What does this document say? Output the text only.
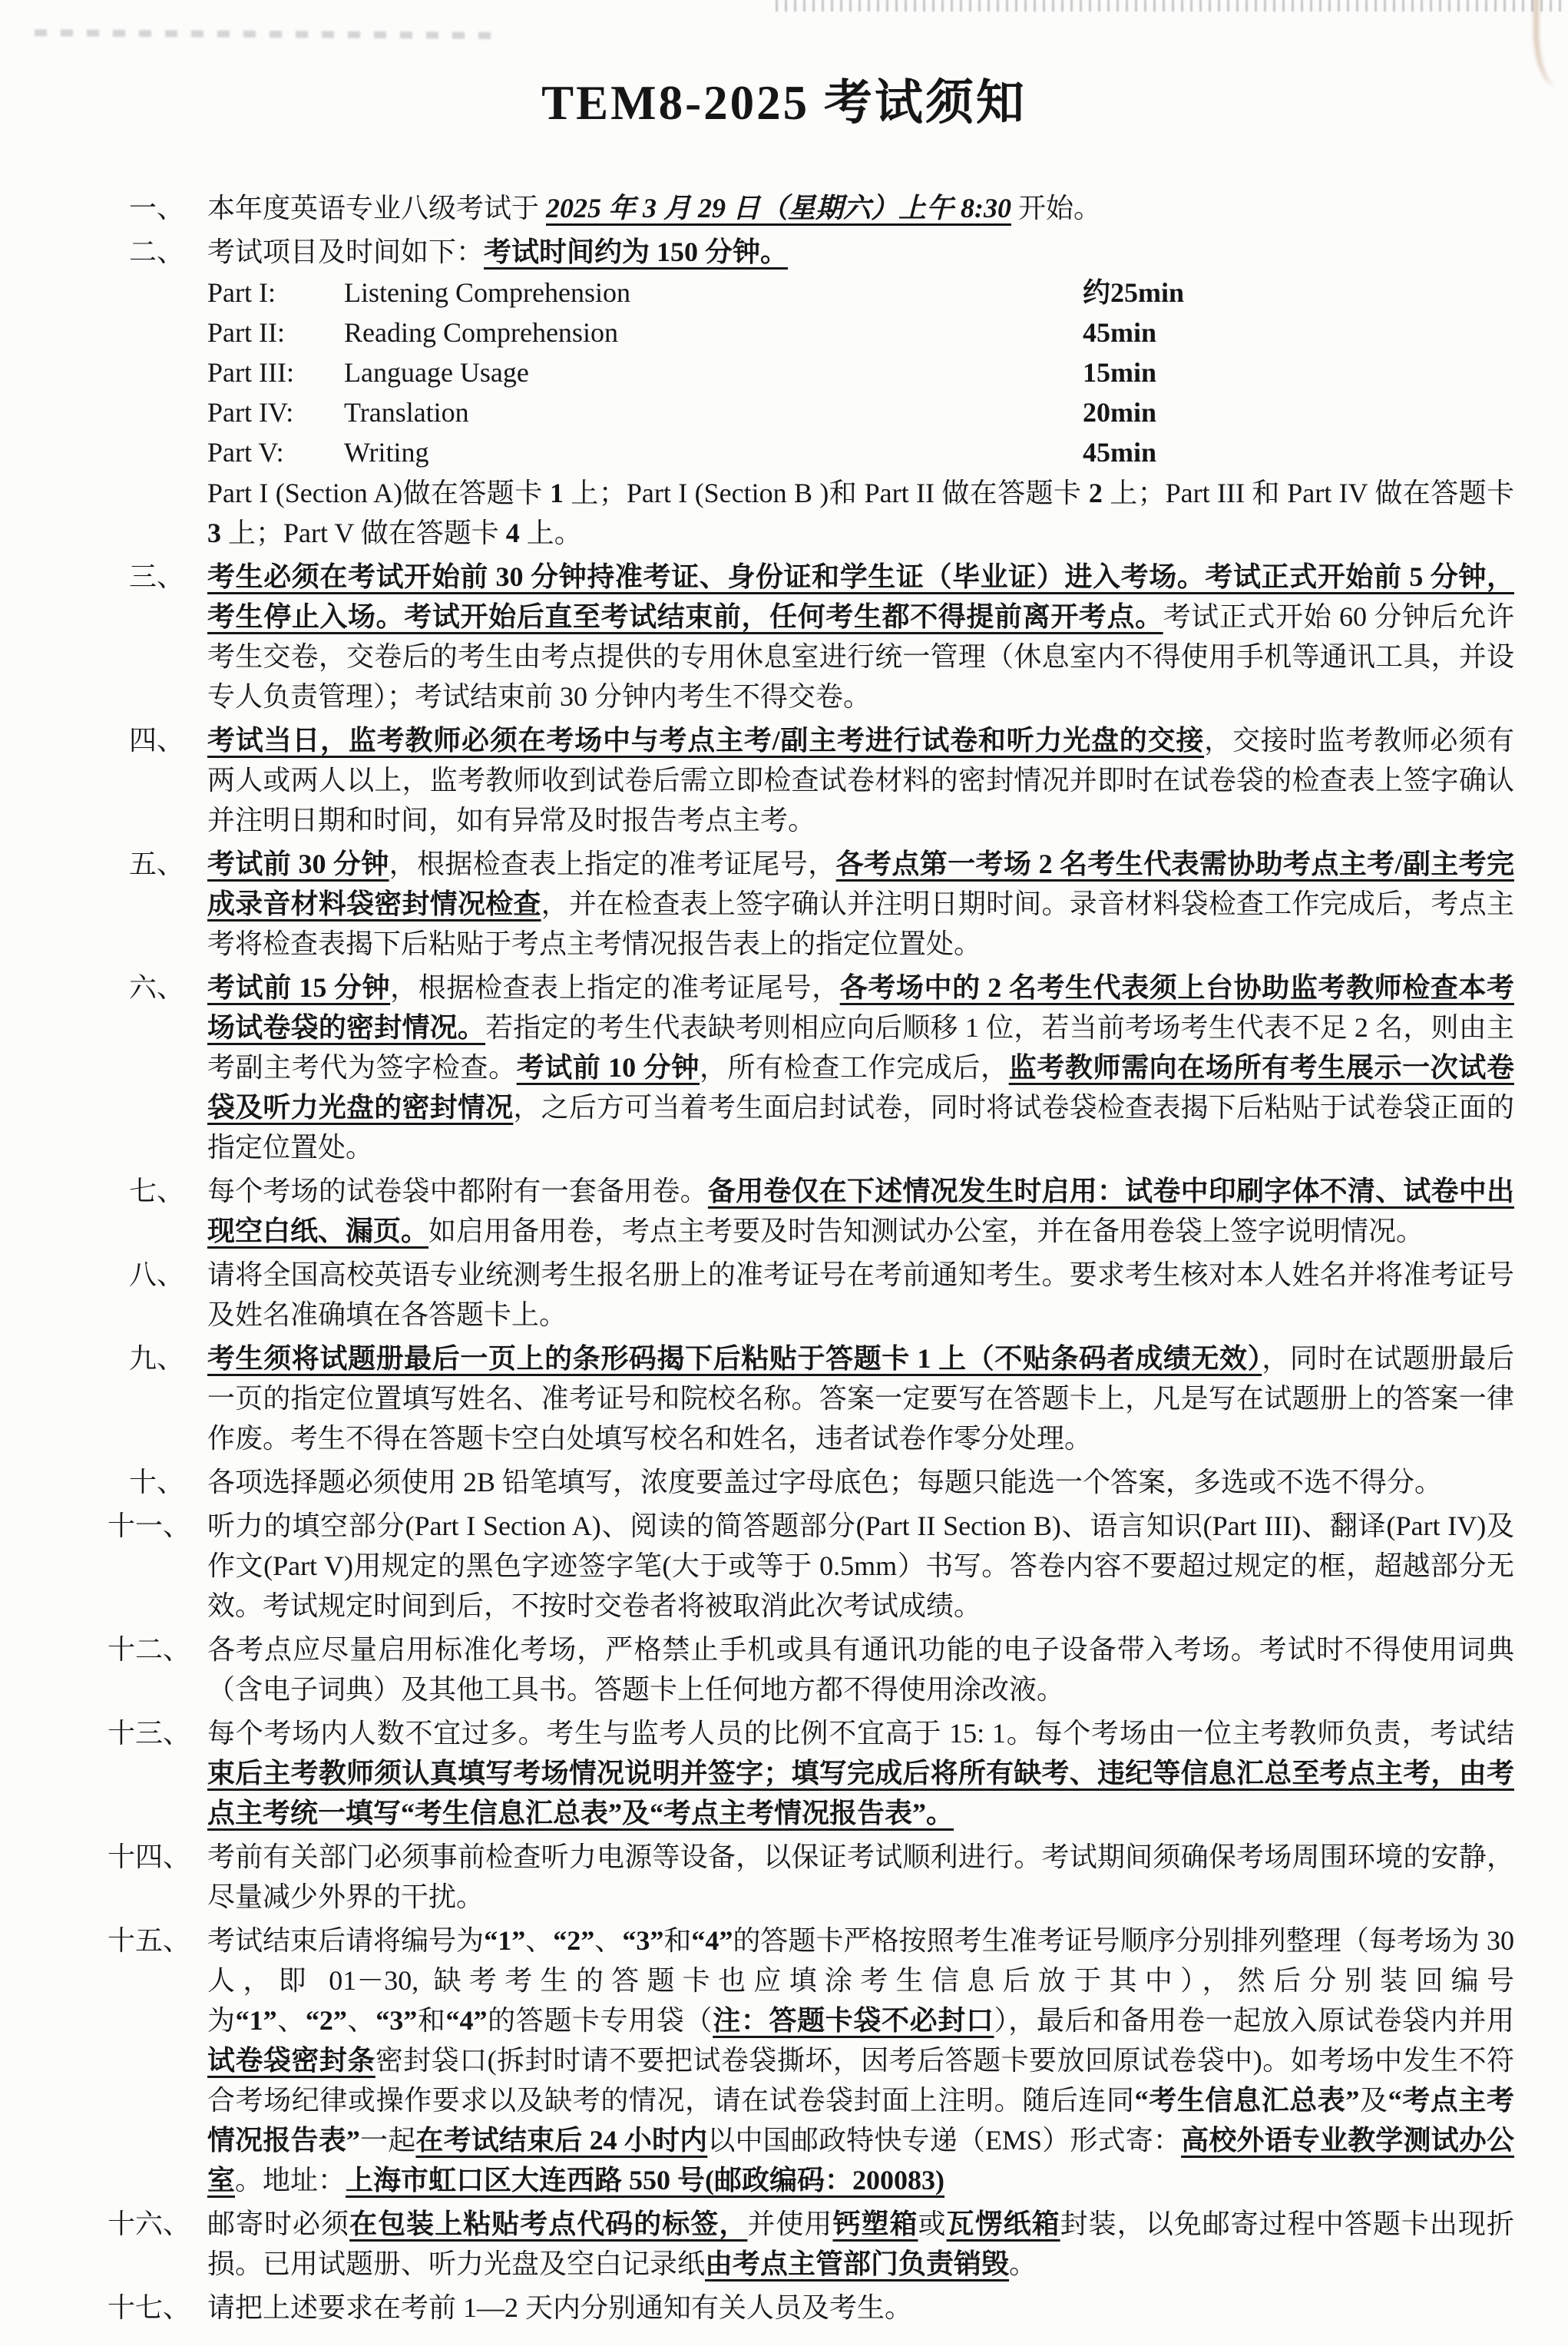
TEM8-2025 考试须知
一、 本年度英语专业八级考试于 2025 年 3 月 29 日（星期六）上午 8:30 开始。
二、 考试项目及时间如下：考试时间约为 150 分钟。
Part I:	Listening Comprehension	约25min
Part II:	Reading Comprehension	45min
Part III:	Language Usage	15min
Part IV:	Translation	20min
Part V:	Writing	45min
Part I (Section A)做在答题卡 1 上；Part I (Section B )和 Part II 做在答题卡 2 上；Part III 和 Part IV 做在答题卡 3 上；Part V 做在答题卡 4 上。
三、 考生必须在考试开始前 30 分钟持准考证、身份证和学生证（毕业证）进入考场。考试正式开始前 5 分钟，考生停止入场。考试开始后直至考试结束前，任何考生都不得提前离开考点。考试正式开始 60 分钟后允许考生交卷，交卷后的考生由考点提供的专用休息室进行统一管理（休息室内不得使用手机等通讯工具，并设专人负责管理）；考试结束前 30 分钟内考生不得交卷。
四、 考试当日，监考教师必须在考场中与考点主考/副主考进行试卷和听力光盘的交接，交接时监考教师必须有两人或两人以上，监考教师收到试卷后需立即检查试卷材料的密封情况并即时在试卷袋的检查表上签字确认并注明日期和时间，如有异常及时报告考点主考。
五、 考试前 30 分钟，根据检查表上指定的准考证尾号，各考点第一考场 2 名考生代表需协助考点主考/副主考完成录音材料袋密封情况检查，并在检查表上签字确认并注明日期时间。录音材料袋检查工作完成后，考点主考将检查表揭下后粘贴于考点主考情况报告表上的指定位置处。
六、 考试前 15 分钟，根据检查表上指定的准考证尾号，各考场中的 2 名考生代表须上台协助监考教师检查本考场试卷袋的密封情况。若指定的考生代表缺考则相应向后顺移 1 位，若当前考场考生代表不足 2 名，则由主考副主考代为签字检查。考试前 10 分钟，所有检查工作完成后，监考教师需向在场所有考生展示一次试卷袋及听力光盘的密封情况，之后方可当着考生面启封试卷，同时将试卷袋检查表揭下后粘贴于试卷袋正面的指定位置处。
七、 每个考场的试卷袋中都附有一套备用卷。备用卷仅在下述情况发生时启用：试卷中印刷字体不清、试卷中出现空白纸、漏页。如启用备用卷，考点主考要及时告知测试办公室，并在备用卷袋上签字说明情况。
八、 请将全国高校英语专业统测考生报名册上的准考证号在考前通知考生。要求考生核对本人姓名并将准考证号及姓名准确填在各答题卡上。
九、 考生须将试题册最后一页上的条形码揭下后粘贴于答题卡 1 上（不贴条码者成绩无效），同时在试题册最后一页的指定位置填写姓名、准考证号和院校名称。答案一定要写在答题卡上，凡是写在试题册上的答案一律作废。考生不得在答题卡空白处填写校名和姓名，违者试卷作零分处理。
十、 各项选择题必须使用 2B 铅笔填写，浓度要盖过字母底色；每题只能选一个答案，多选或不选不得分。
十一、 听力的填空部分(Part I Section A)、阅读的简答题部分(Part II Section B)、语言知识(Part III)、翻译(Part IV)及作文(Part V)用规定的黑色字迹签字笔(大于或等于 0.5mm）书写。答卷内容不要超过规定的框，超越部分无效。考试规定时间到后，不按时交卷者将被取消此次考试成绩。
十二、 各考点应尽量启用标准化考场，严格禁止手机或具有通讯功能的电子设备带入考场。考试时不得使用词典（含电子词典）及其他工具书。答题卡上任何地方都不得使用涂改液。
十三、 每个考场内人数不宜过多。考生与监考人员的比例不宜高于 15: 1。每个考场由一位主考教师负责，考试结束后主考教师须认真填写考场情况说明并签字；填写完成后将所有缺考、违纪等信息汇总至考点主考，由考点主考统一填写“考生信息汇总表”及“考点主考情况报告表”。
十四、 考前有关部门必须事前检查听力电源等设备，以保证考试顺利进行。考试期间须确保考场周围环境的安静，尽量减少外界的干扰。
十五、 考试结束后请将编号为“1”、“2”、“3”和“4”的答题卡严格按照考生准考证号顺序分别排列整理（每考场为 30 人，即 01－30, 缺考考生的答题卡也应填涂考生信息后放于其中），然后分别装回编号为“1”、“2”、“3”和“4”的答题卡专用袋（注：答题卡袋不必封口），最后和备用卷一起放入原试卷袋内并用试卷袋密封条密封袋口(拆封时请不要把试卷袋撕坏，因考后答题卡要放回原试卷袋中)。如考场中发生不符合考场纪律或操作要求以及缺考的情况，请在试卷袋封面上注明。随后连同“考生信息汇总表”及“考点主考情况报告表”一起在考试结束后 24 小时内以中国邮政特快专递（EMS）形式寄：高校外语专业教学测试办公室。地址：上海市虹口区大连西路 550 号(邮政编码：200083)
十六、 邮寄时必须在包装上粘贴考点代码的标签，并使用钙塑箱或瓦愣纸箱封装，以免邮寄过程中答题卡出现折损。已用试题册、听力光盘及空白记录纸由考点主管部门负责销毁。
十七、 请把上述要求在考前 1—2 天内分别通知有关人员及考生。
